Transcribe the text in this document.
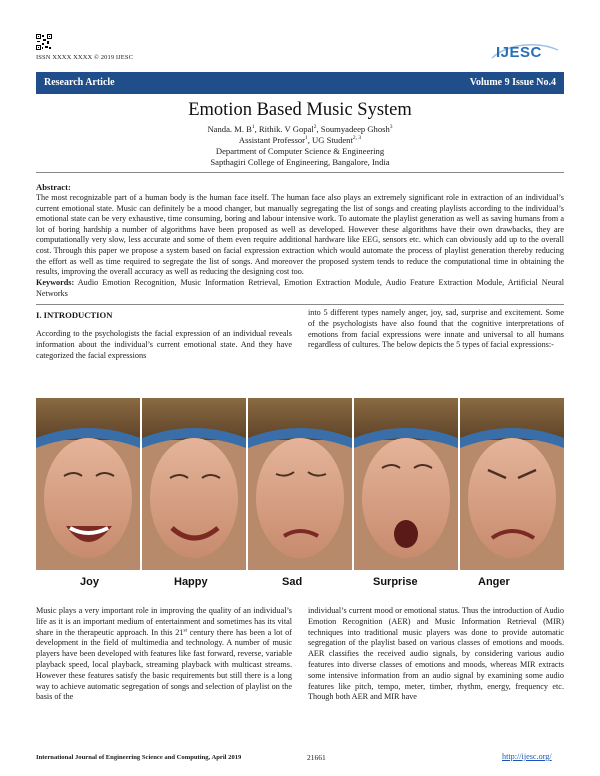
ISSN XXXX XXXX © 2019 IJESC	IJESC
Research Article	Volume 9 Issue No.4
Emotion Based Music System
Nanda. M. $B^1$, Rithik. V Gopal$^2$, Soumyadeep Ghosh$^3$
Assistant Professor$^1$, UG Student$^{2, 3}$
Department of Computer Science & Engineering
Sapthagiri College of Engineering, Bangalore, India
Abstract:
The most recognizable part of a human body is the human face itself. The human face also plays an extremely significant role in extraction of an individual’s current emotional state. Music can definitely be a mood changer, but manually segregating the list of songs and creating playlists according to the individual’s emotional state can be very exhaustive, time consuming, boring and labour intensive work. To automate the playlist generation as well as saving humans from a lot of boring hardship a number of algorithms have been proposed as well as developed. However these algorithms have their own drawbacks, they are computationally very slow, less accurate and some of them even require additional hardware like EEG, sensors etc. which can obviously add up to the overall cost. Through this paper we propose a system based on facial expression extraction which would automate the process of playlist generation thereby reducing the effort as well as time required to segregate the list of songs. And moreover the proposed system tends to reduce the computational time in obtaining the results, improving the overall accuracy as well as reducing the designing cost too.
Keywords: Audio Emotion Recognition, Music Information Retrieval, Emotion Extraction Module, Audio Feature Extraction Module, Artificial Neural Networks
I. INTRODUCTION
According to the psychologists the facial expression of an individual reveals information about the individual’s current emotional state. And they have categorized the facial expressions
into 5 different types namely anger, joy, sad, surprise and excitement. Some of the psychologists have also found that the cognitive interpretations of emotions from facial expressions were innate and universal to all humans regardless of cultures. The below depicts the 5 types of facial expressions:-
Joy	Happy	Sad	Surprise	Anger
Music plays a very important role in improving the quality of an individual’s life as it is an important medium of entertainment and sometimes has its vital share in the therapeutic approach. In this 21st century there has been a lot of development in the field of multimedia and technology. A number of music players have been developed with features like fast forward, reverse, variable playback speed, local playback, streaming playback with multicast streams. However these features satisfy the basic requirements but still there is a long way to achieve automatic segregation of songs and selection of playlist on the basis of the
individual’s current mood or emotional status. Thus the introduction of Audio Emotion Recognition (AER) and Music Information Retrieval (MIR) techniques into traditional music players was done to provide automatic segregation of the playlist based on various classes of emotions and moods. AER classifies the received audio signals, by considering various audio features into diverse classes of emotions and moods, whereas MIR extracts some intensive information from an audio signal by examining some audio features like pitch, tempo, meter, timber, rhythm, energy, frequency etc. Though both AER and MIR have
International Journal of Engineering Science and Computing, April 2019	21661	http://ijesc.org/
